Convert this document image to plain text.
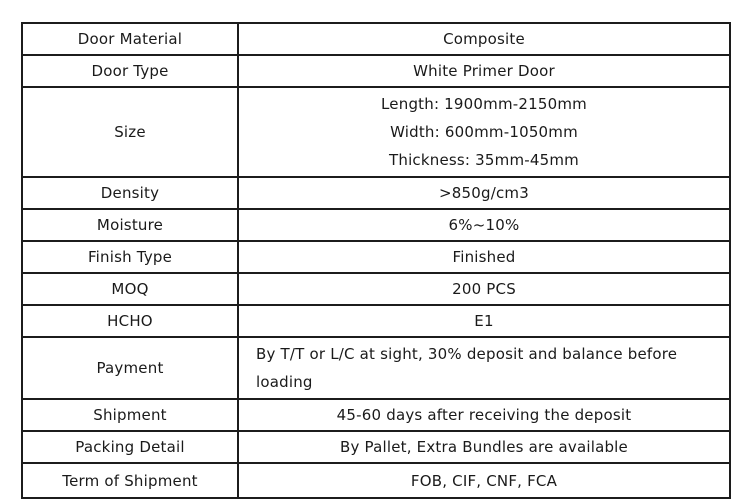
Door Material	Composite
Door Type	White Primer Door
Size	Length: 1900mm-2150mm
Width: 600mm-1050mm
Thickness: 35mm-45mm

Density	>850g/cm3
Moisture	6%~10%
Finish Type	Finished
MOQ	200 PCS
HCHO	E1
Payment	By T/T or L/C at sight, 30% deposit and balance before loading
Shipment	45-60 days after receiving the deposit
Packing Detail	By Pallet, Extra Bundles are available
Term of Shipment	FOB, CIF, CNF, FCA
